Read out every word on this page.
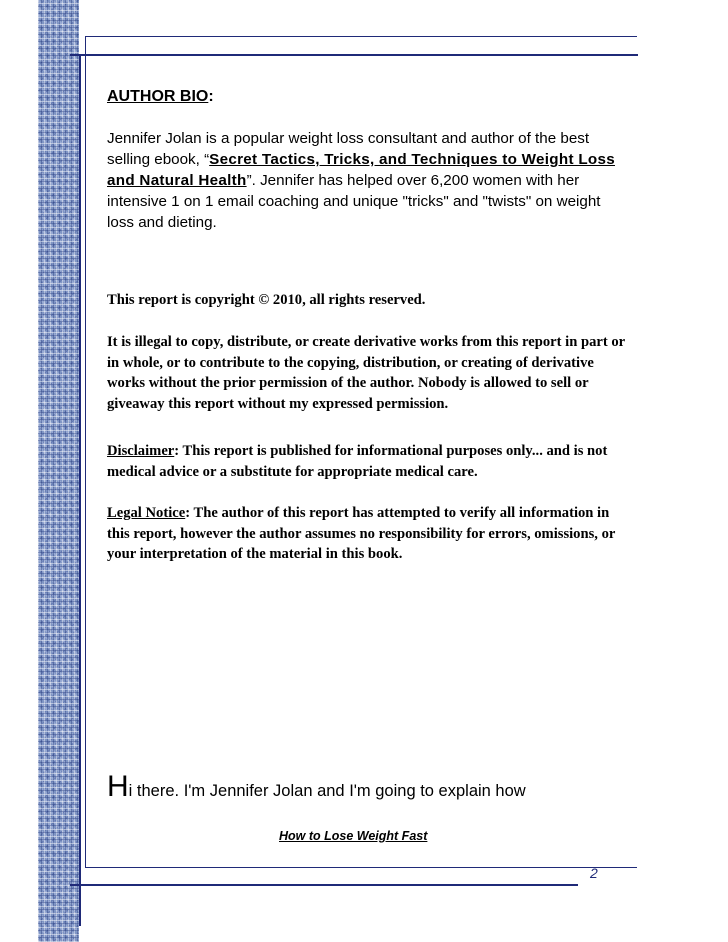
AUTHOR BIO:

Jennifer Jolan is a popular weight loss consultant and author of the best selling ebook, “Secret Tactics, Tricks, and Techniques to Weight Loss and Natural Health”. Jennifer has helped over 6,200 women with her intensive 1 on 1 email coaching and unique "tricks" and "twists" on weight loss and dieting.

This report is copyright © 2010, all rights reserved.

It is illegal to copy, distribute, or create derivative works from this report in part or in whole, or to contribute to the copying, distribution, or creating of derivative works without the prior permission of the author. Nobody is allowed to sell or giveaway this report without my expressed permission.

Disclaimer: This report is published for informational purposes only... and is not medical advice or a substitute for appropriate medical care.

Legal Notice: The author of this report has attempted to verify all information in this report, however the author assumes no responsibility for errors, omissions, or your interpretation of the material in this book.

Hi there. I'm Jennifer Jolan and I'm going to explain how

How to Lose Weight Fast

2
